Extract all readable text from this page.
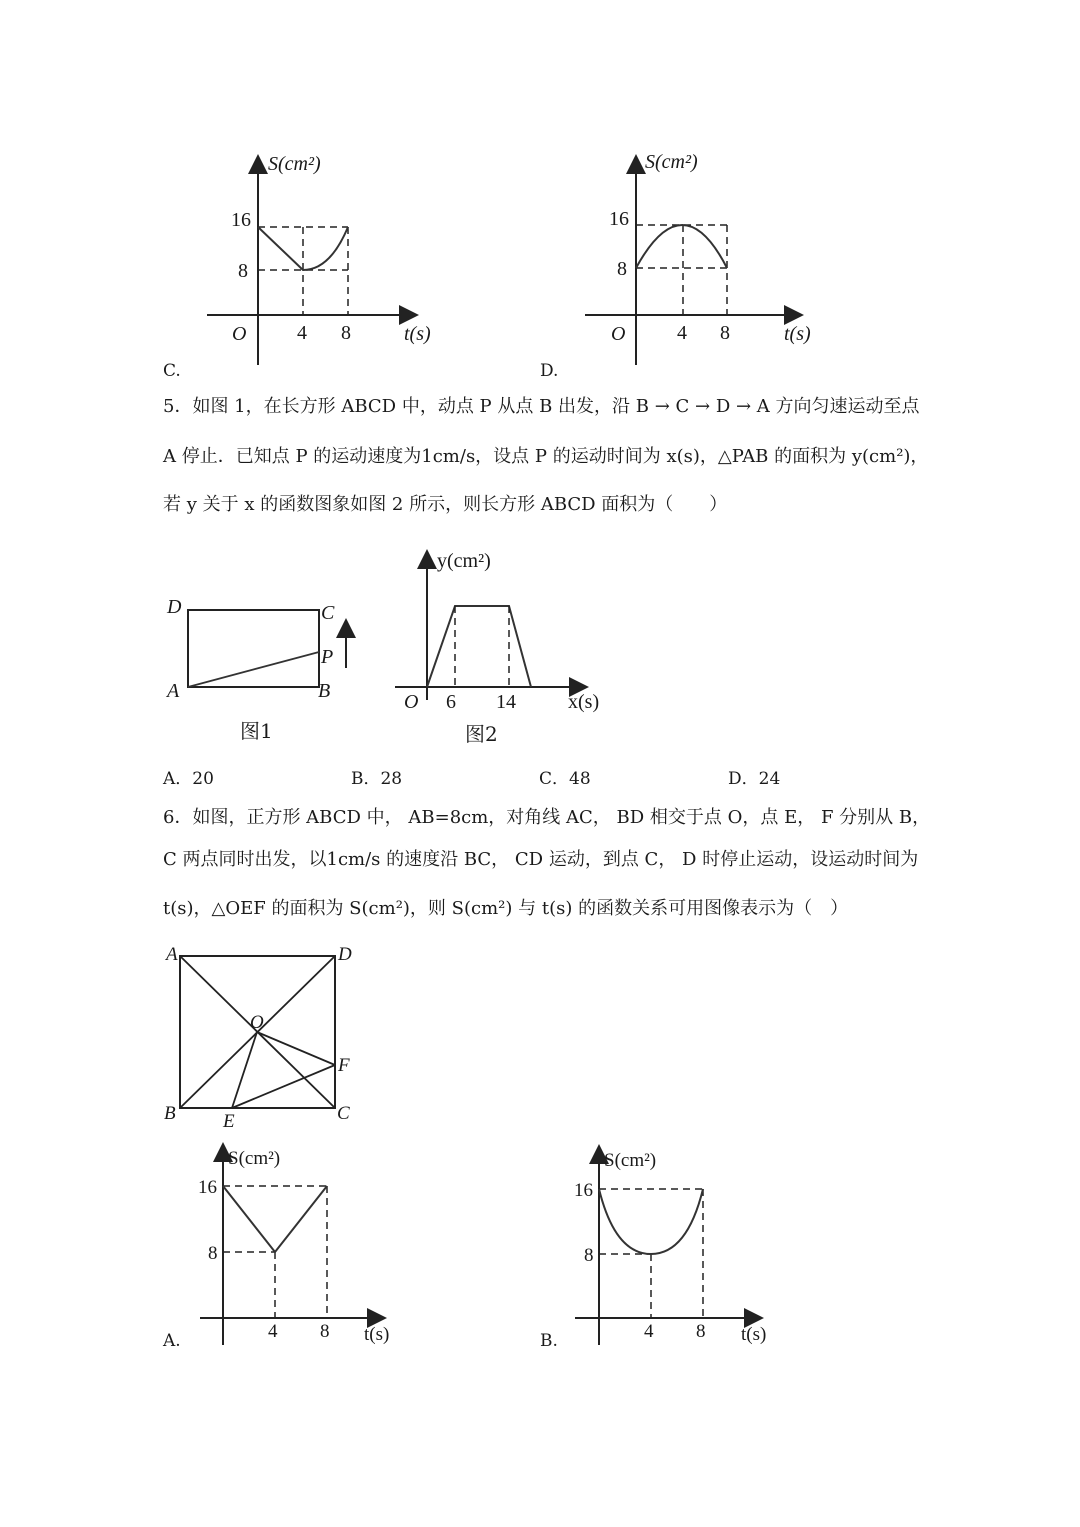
S(cm²)
t(s)
O
16
8
4 8
S(cm²)
t(s)
O
16
8
4 8
D	C
P
A	B
y(cm²)
x(s)
O 6 14
A	D
O
F
B E	C
S(cm²)
t(s)
16
8
4 8
S(cm²)
t(s)
16
8
4 8
C.	D.
5．如图 1，在长方形 ABCD 中，动点 P 从点 B 出发，沿 B → C → D → A 方向匀速运动至点
A 停止．已知点 P 的运动速度为1cm/s，设点 P 的运动时间为 x(s)，△PAB 的面积为 y(cm²)，
若 y 关于 x 的函数图象如图 2 所示，则长方形 ABCD 面积为（　　）
图1	图2
A．20	B．28	C．48	D．24
6．如图，正方形 ABCD 中， AB=8cm，对角线 AC， BD 相交于点 O，点 E， F 分别从 B，
C 两点同时出发，以1cm/s 的速度沿 BC， CD 运动，到点 C， D 时停止运动，设运动时间为
t(s)，△OEF 的面积为 S(cm²)，则 S(cm²) 与 t(s) 的函数关系可用图像表示为（　）
A.	B.
